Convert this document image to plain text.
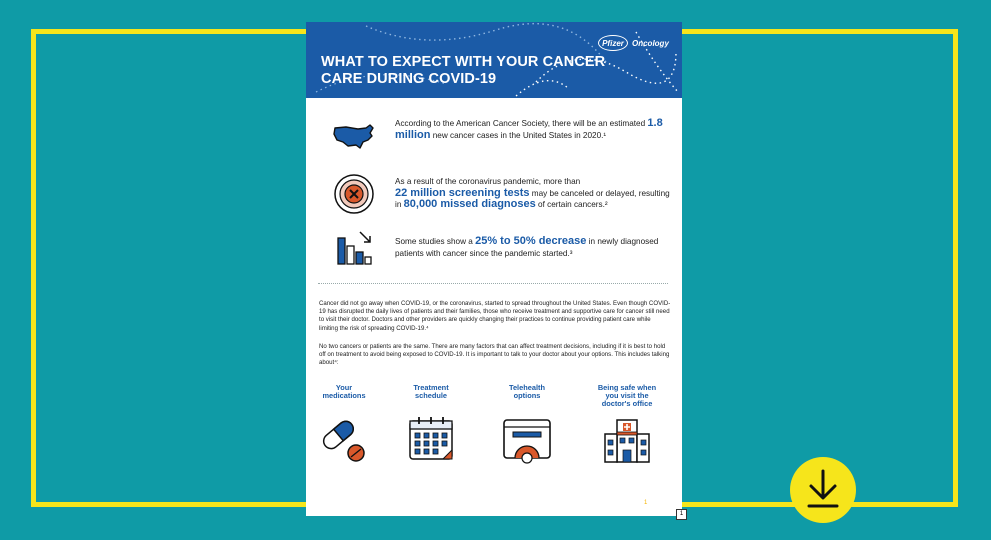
WHAT TO EXPECT WITH YOUR CANCER CARE DURING COVID-19
Pfizer	Oncology
According to the American Cancer Society, there will be an estimated 1.8 million new cancer cases in the United States in 2020.¹
As a result of the coronavirus pandemic, more than
22 million screening tests may be canceled or delayed, resulting in 80,000 missed diagnoses of certain cancers.²
Some studies show a 25% to 50% decrease in newly diagnosed patients with cancer since the pandemic started.³
Cancer did not go away when COVID-19, or the coronavirus, started to spread throughout the United States. Even though COVID-19 has disrupted the daily lives of patients and their families, those who receive treatment and supportive care for cancer still need to visit their doctor. Doctors and other providers are quickly changing their practices to continue providing patient care while limiting the risk of spreading COVID-19.⁴
No two cancers or patients are the same. There are many factors that can affect treatment decisions, including if it is best to hold off on treatment to avoid being exposed to COVID-19. It is important to talk to your doctor about your options. This includes talking about⁴:
Your medications
Treatment schedule
Telehealth options
Being safe when you visit the doctor's office
1
1
